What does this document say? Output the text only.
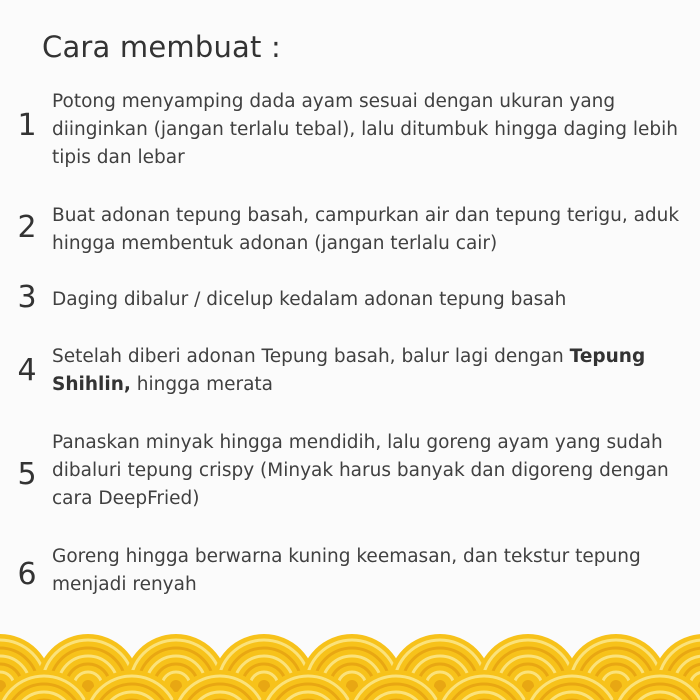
Cara membuat :
1
Potong menyamping dada ayam sesuai dengan ukuran yang diinginkan (jangan terlalu tebal), lalu ditumbuk hingga daging lebih tipis dan lebar
2 Buat adonan tepung basah, campurkan air dan tepung terigu, aduk hingga membentuk adonan (jangan terlalu cair)
3 Daging dibalur / dicelup kedalam adonan tepung basah
4 Setelah diberi adonan Tepung basah, balur lagi dengan Tepung Shihlin, hingga merata
5
Panaskan minyak hingga mendidih, lalu goreng ayam yang sudah dibaluri tepung crispy (Minyak harus banyak dan digoreng dengan cara DeepFried)
6
Goreng hingga berwarna kuning keemasan, dan tekstur tepung menjadi renyah
